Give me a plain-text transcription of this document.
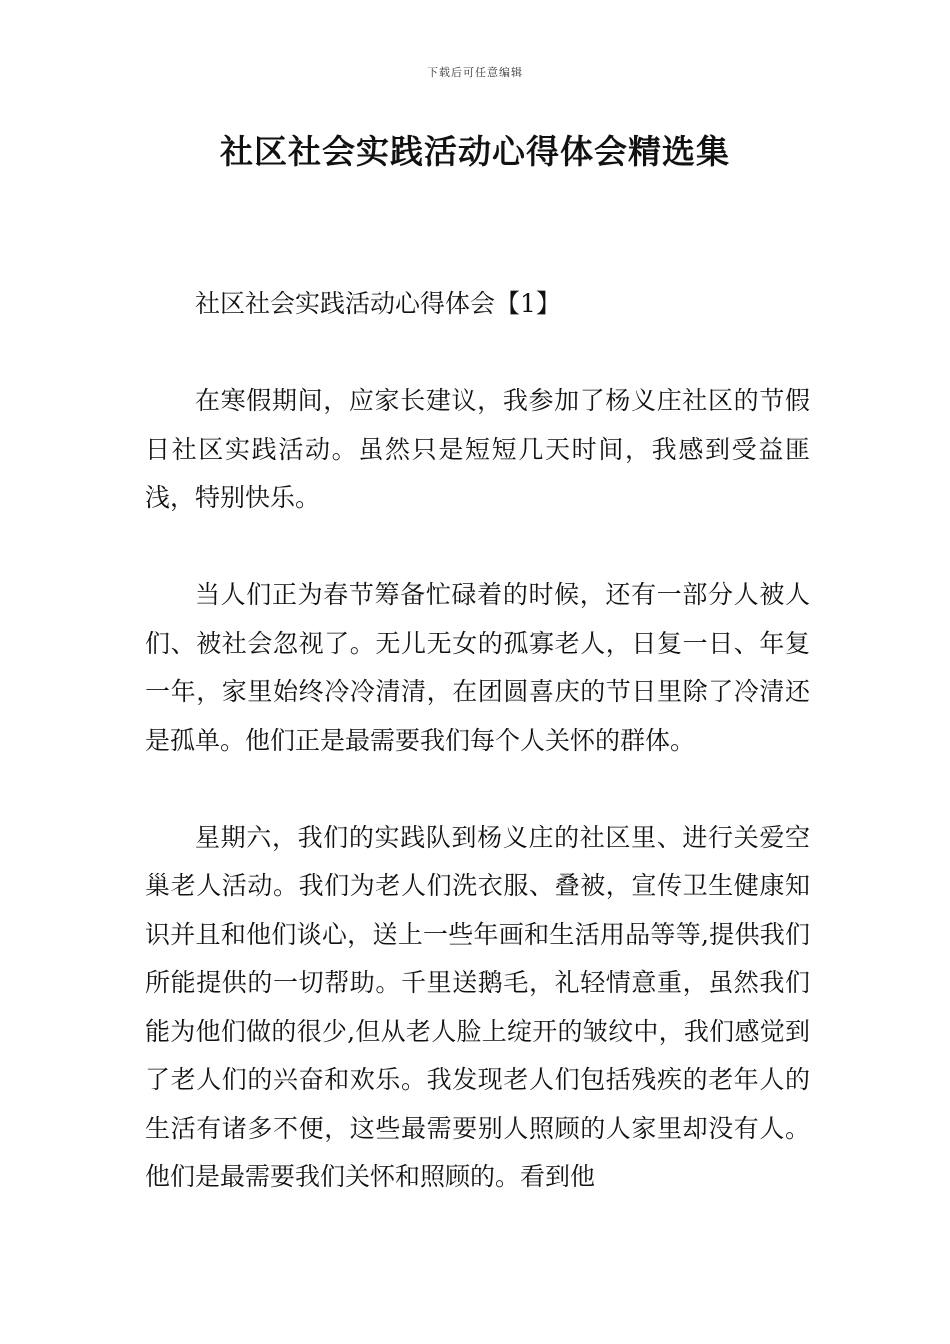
下载后可任意编辑
社区社会实践活动心得体会精选集
社区社会实践活动心得体会【1】

在寒假期间，应家长建议，我参加了杨义庄社区的节假日社区实践活动。虽然只是短短几天时间，我感到受益匪浅，特别快乐。

当人们正为春节筹备忙碌着的时候，还有一部分人被人们、被社会忽视了。无儿无女的孤寡老人，日复一日、年复一年，家里始终冷冷清清，在团圆喜庆的节日里除了冷清还是孤单。他们正是最需要我们每个人关怀的群体。

星期六，我们的实践队到杨义庄的社区里、进行关爱空巢老人活动。我们为老人们洗衣服、叠被，宣传卫生健康知识并且和他们谈心，送上一些年画和生活用品等等,提供我们所能提供的一切帮助。千里送鹅毛，礼轻情意重，虽然我们能为他们做的很少,但从老人脸上绽开的皱纹中，我们感觉到了老人们的兴奋和欢乐。我发现老人们包括残疾的老年人的生活有诸多不便，这些最需要别人照顾的人家里却没有人。他们是最需要我们关怀和照顾的。看到他
